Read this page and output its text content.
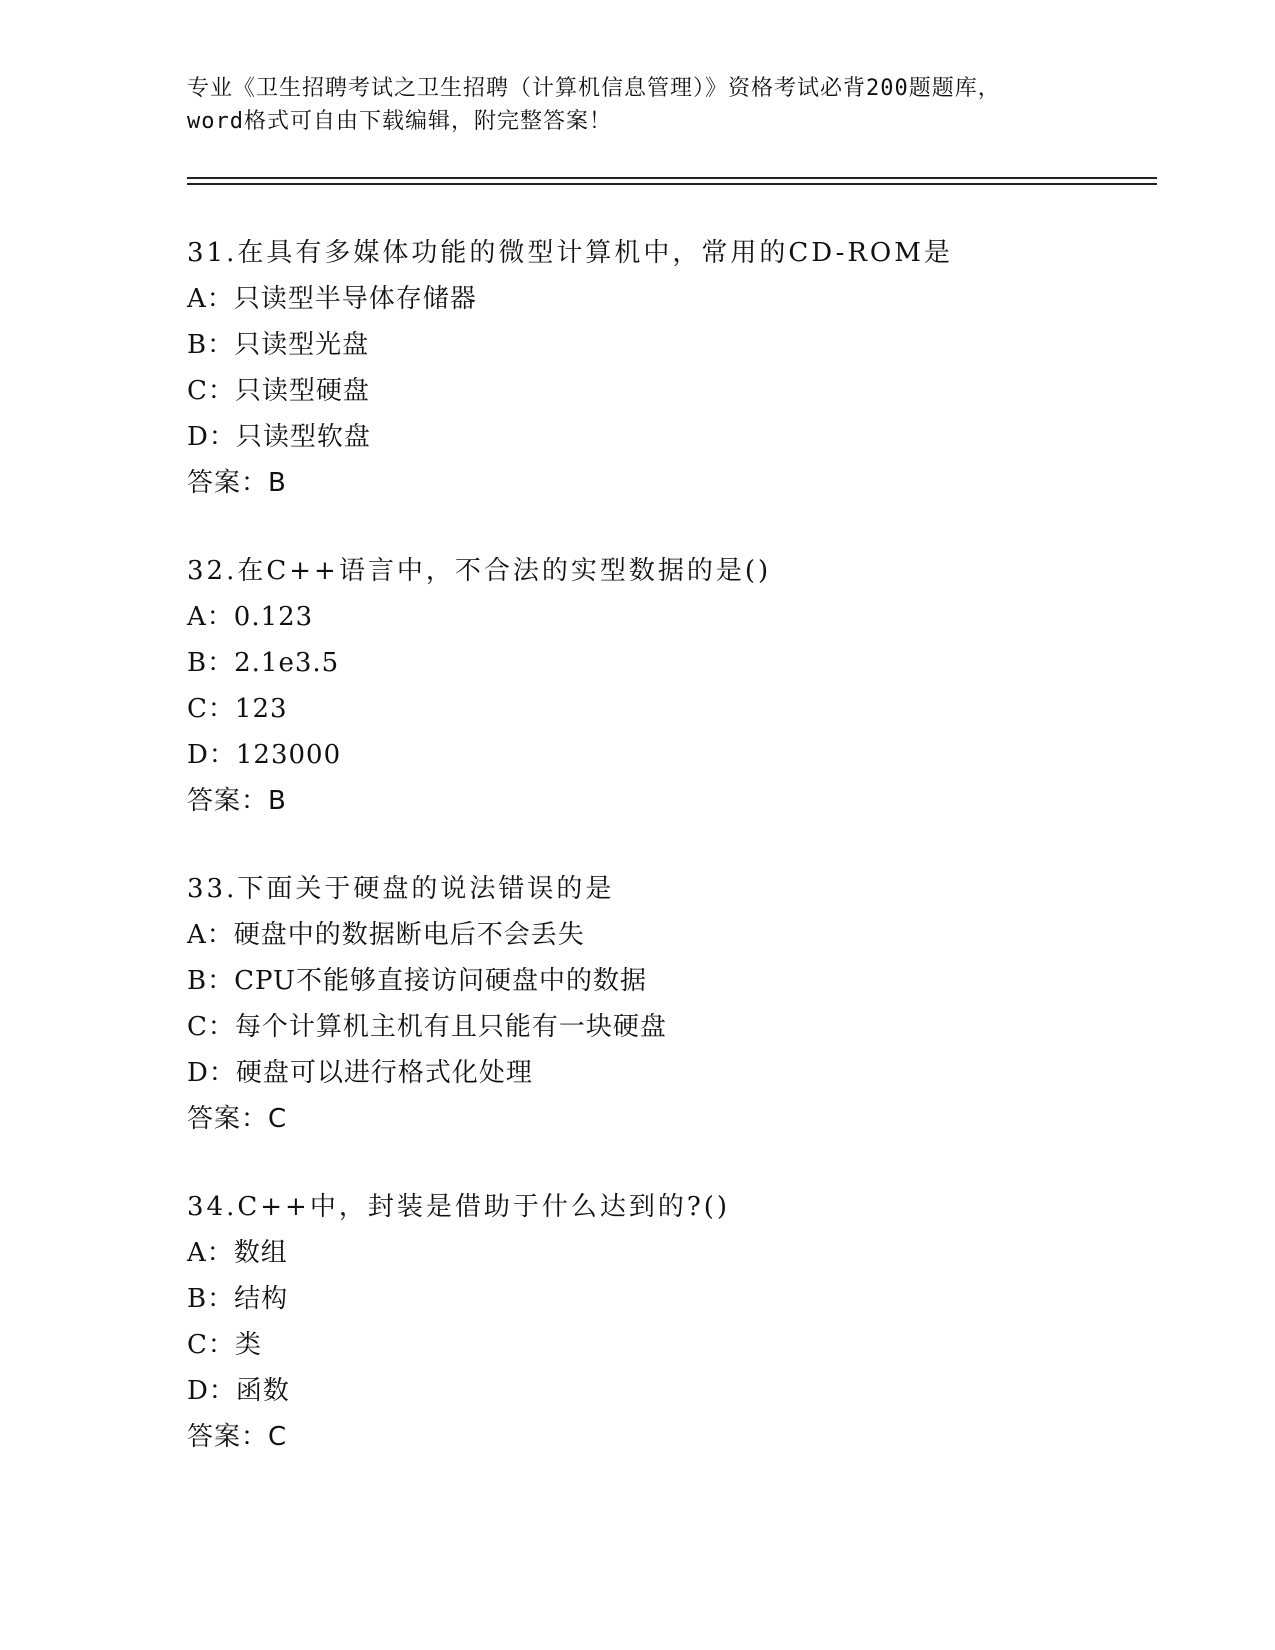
专业《卫生招聘考试之卫生招聘（计算机信息管理）》资格考试必背200题题库，
word格式可自由下载编辑，附完整答案！
31.在具有多媒体功能的微型计算机中，常用的CD-ROM是
A：只读型半导体存储器
B：只读型光盘
C：只读型硬盘
D：只读型软盘
答案：B
32.在C++语言中，不合法的实型数据的是()
A：0.123
B：2.1e3.5
C：123
D：123000
答案：B
33.下面关于硬盘的说法错误的是
A：硬盘中的数据断电后不会丢失
B：CPU不能够直接访问硬盘中的数据
C：每个计算机主机有且只能有一块硬盘
D：硬盘可以进行格式化处理
答案：C
34.C++中，封装是借助于什么达到的?()
A：数组
B：结构
C：类
D：函数
答案：C
